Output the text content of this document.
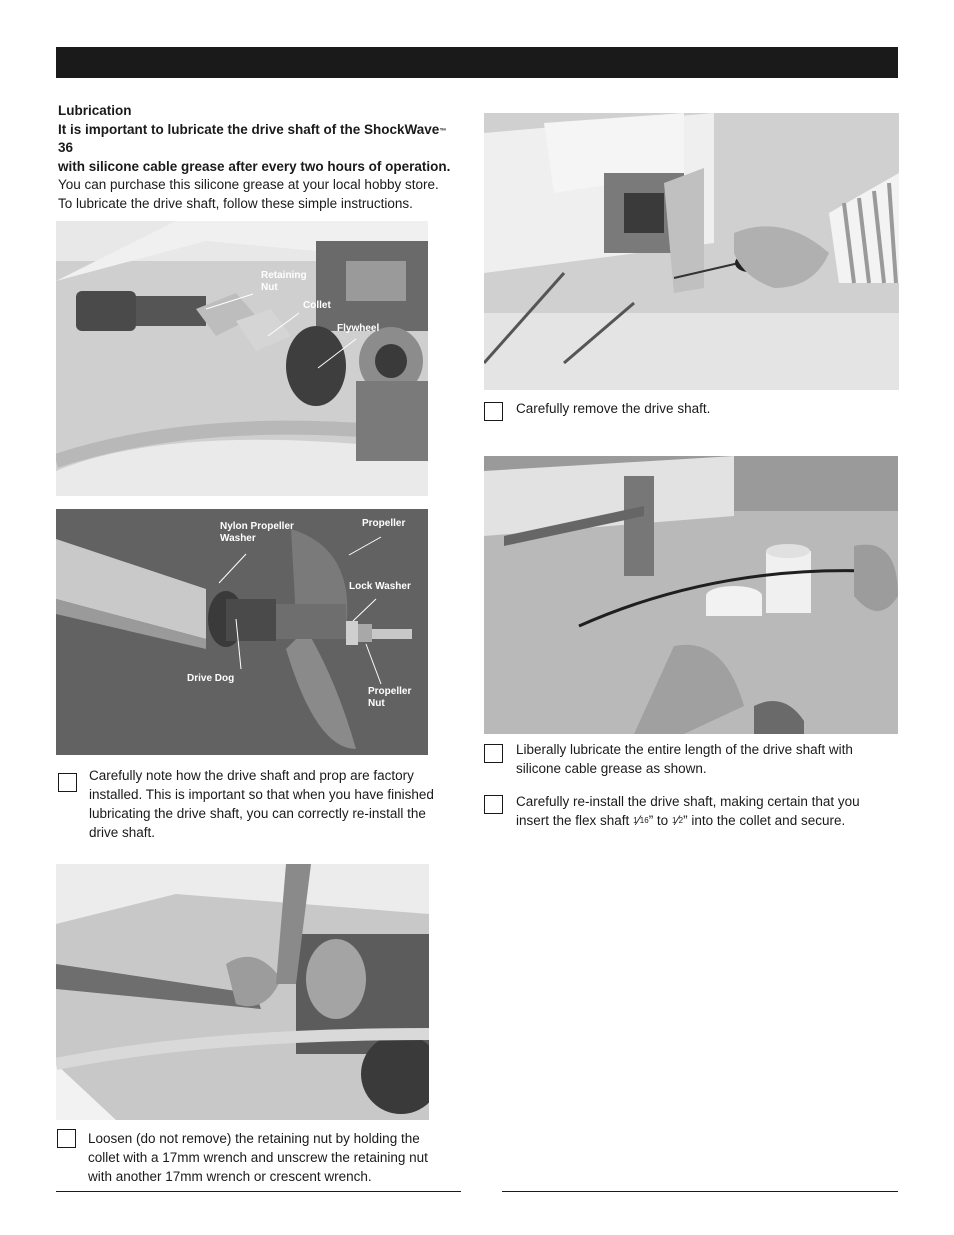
Lubrication
It is important to lubricate the drive shaft of the ShockWave™ 36
with silicone cable grease after every two hours of operation.
You can purchase this silicone grease at your local hobby store.
To lubricate the drive shaft, follow these simple instructions.
Retaining
Nut
Collet
Flywheel
Nylon Propeller
Washer
Propeller
Lock Washer
Drive Dog
Propeller
Nut
Carefully note how the drive shaft and prop are factory
installed. This is important so that when you have finished
lubricating the drive shaft, you can correctly re-install the
drive shaft.
Loosen (do not remove) the retaining nut by holding the
collet with a 17mm wrench and unscrew the retaining nut
with another 17mm wrench or crescent wrench.
Carefully remove the drive shaft.
Liberally lubricate the entire length of the drive shaft with
silicone cable grease as shown.
Carefully re-install the drive shaft, making certain that you
insert the flex shaft $^1$⁄16” to $^1$⁄2” into the collet and secure.
